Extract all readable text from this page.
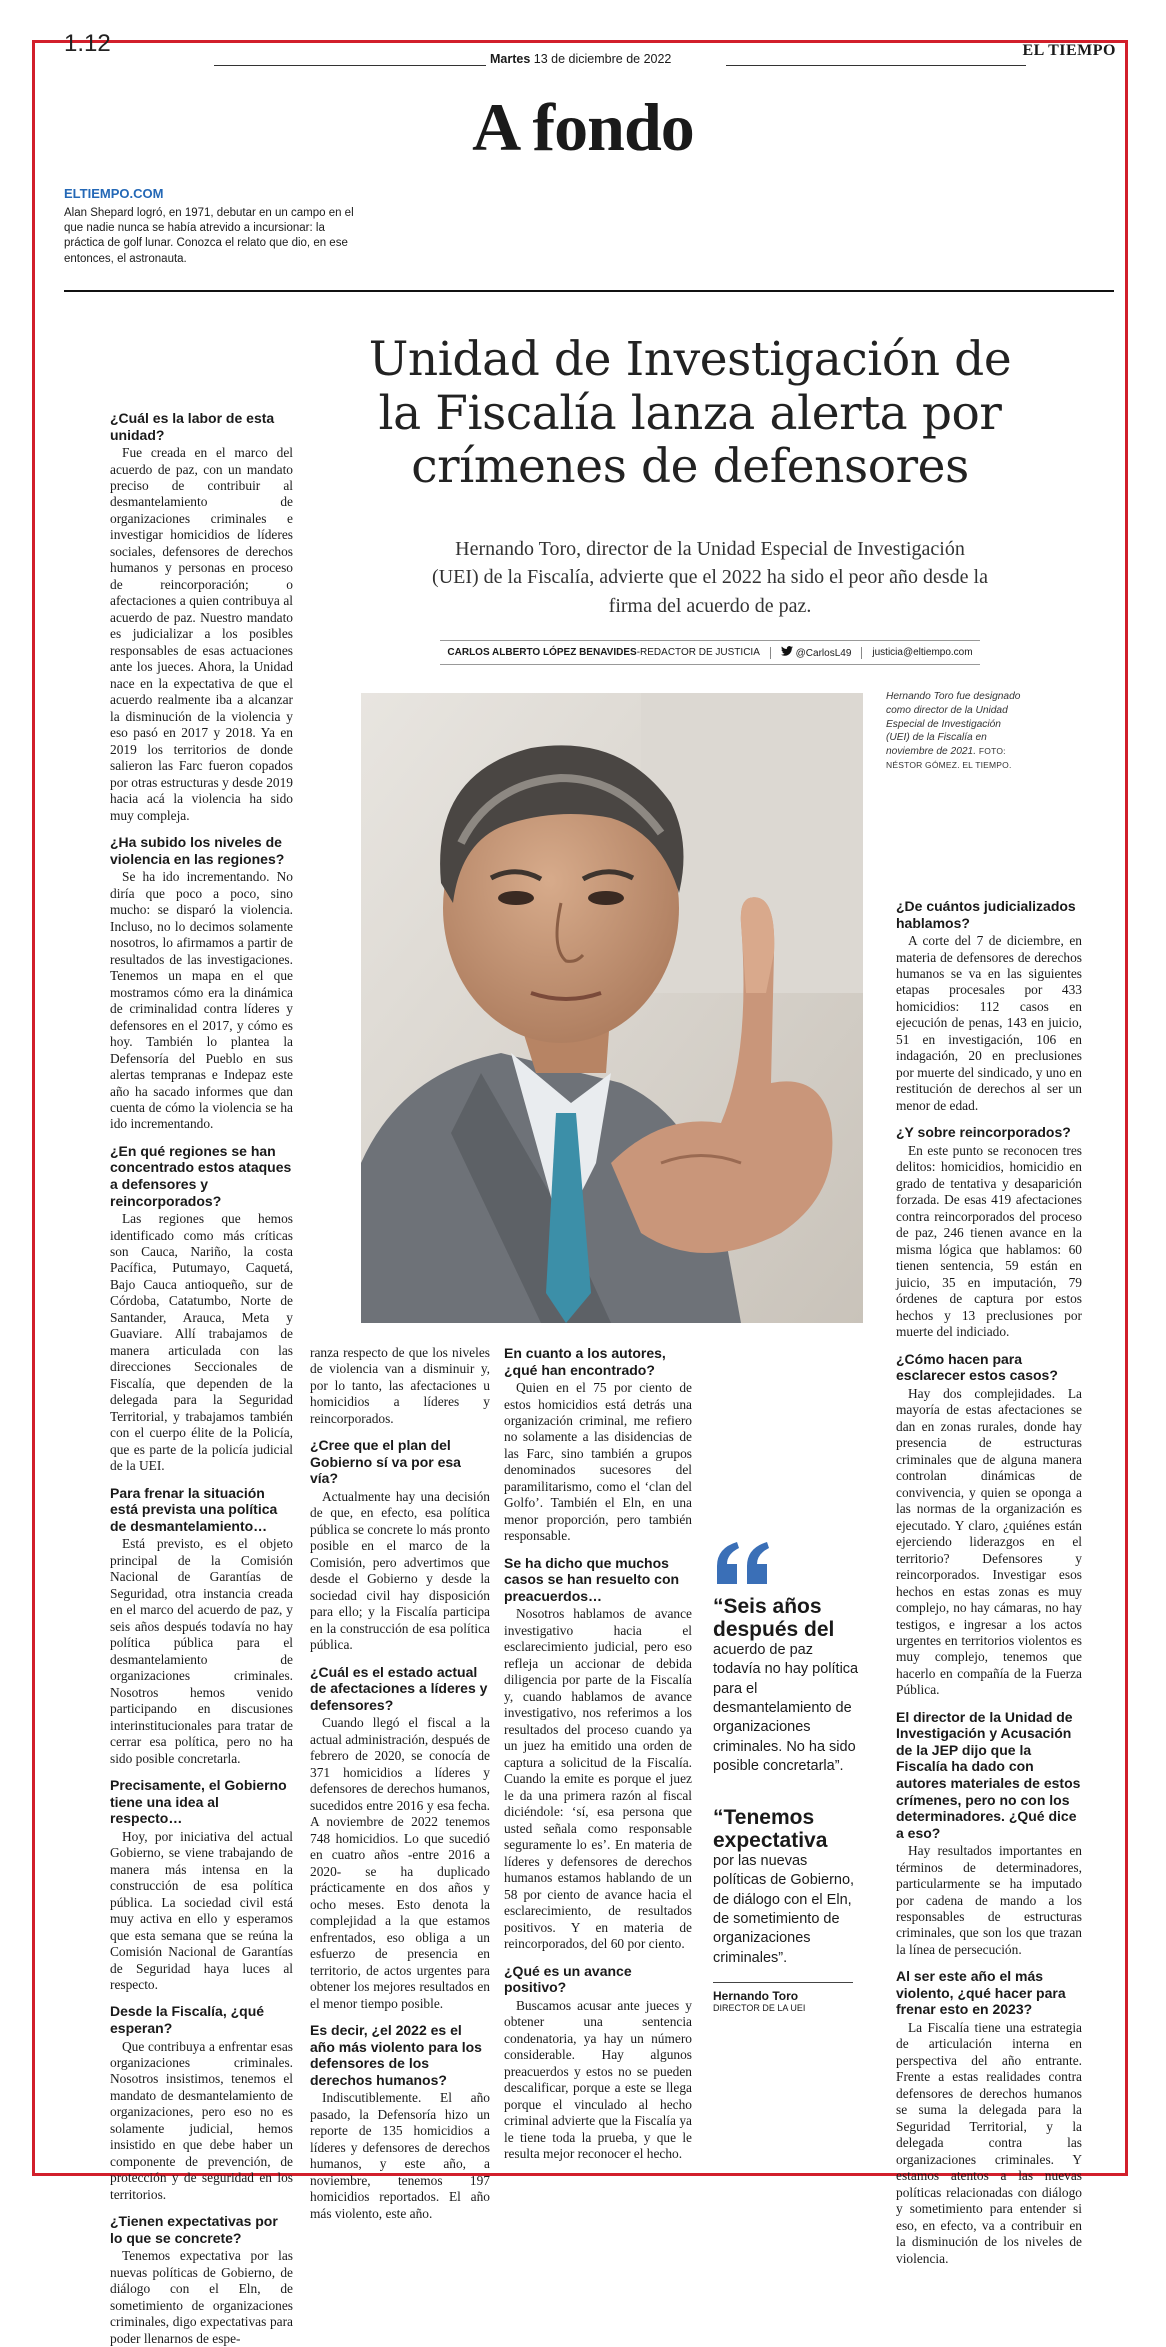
1.12
Martes 13 de diciembre de 2022	EL TIEMPO
A fondo
ELTIEMPO.COM
Alan Shepard logró, en 1971, debutar en un campo en el que nadie nunca se había atrevido a incursionar: la práctica de golf lunar. Conozca el relato que dio, en ese entonces, el astronauta.
Unidad de Investigación de la Fiscalía lanza alerta por crímenes de defensores
Hernando Toro, director de la Unidad Especial de Investigación (UEI) de la Fiscalía, advierte que el 2022 ha sido el peor año desde la firma del acuerdo de paz.
CARLOS ALBERTO LÓPEZ BENAVIDES-REDACTOR DE JUSTICIA	@CarlosL49 justicia@eltiempo.com
Hernando Toro fue designado como director de la Unidad Especial de Investigación (UEI) de la Fiscalía en noviembre de 2021. FOTO: NÉSTOR GÓMEZ. EL TIEMPO.
¿Cuál es la labor de esta unidad?

Fue creada en el marco del acuerdo de paz, con un mandato preciso de contribuir al desmantelamiento de organizaciones criminales e investigar homicidios de líderes sociales, defensores de derechos humanos y personas en proceso de reincorporación; o afectaciones a quien contribuya al acuerdo de paz. Nuestro mandato es judicializar a los posibles responsables de esas actuaciones ante los jueces. Ahora, la Unidad nace en la expectativa de que el acuerdo realmente iba a alcanzar la disminución de la violencia y eso pasó en 2017 y 2018. Ya en 2019 los territorios de donde salieron las Farc fueron copados por otras estructuras y desde 2019 hacia acá la violencia ha sido muy compleja.

¿Ha subido los niveles de violencia en las regiones?

Se ha ido incrementando. No diría que poco a poco, sino mucho: se disparó la violencia. Incluso, no lo decimos solamente nosotros, lo afirmamos a partir de resultados de las investigaciones. Tenemos un mapa en el que mostramos cómo era la dinámica de criminalidad contra líderes y defensores en el 2017, y cómo es hoy. También lo plantea la Defensoría del Pueblo en sus alertas tempranas e Indepaz este año ha sacado informes que dan cuenta de cómo la violencia se ha ido incrementando.

¿En qué regiones se han concentrado estos ataques a defensores y reincorporados?

Las regiones que hemos identificado como más críticas son Cauca, Nariño, la costa Pacífica, Putumayo, Caquetá, Bajo Cauca antioqueño, sur de Córdoba, Catatumbo, Norte de Santander, Arauca, Meta y Guaviare. Allí trabajamos de manera articulada con las direcciones Seccionales de Fiscalía, que dependen de la delegada para la Seguridad Territorial, y trabajamos también con el cuerpo élite de la Policía, que es parte de la policía judicial de la UEI.

Para frenar la situación está prevista una política de desmantelamiento…

Está previsto, es el objeto principal de la Comisión Nacional de Garantías de Seguridad, otra instancia creada en el marco del acuerdo de paz, y seis años después todavía no hay política pública para el desmantelamiento de organizaciones criminales. Nosotros hemos venido participando en discusiones interinstitucionales para tratar de cerrar esa política, pero no ha sido posible concretarla.

Precisamente, el Gobierno tiene una idea al respecto…

Hoy, por iniciativa del actual Gobierno, se viene trabajando de manera más intensa en la construcción de esa política pública. La sociedad civil está muy activa en ello y esperamos que esta semana que se reúna la Comisión Nacional de Garantías de Seguridad haya luces al respecto.

Desde la Fiscalía, ¿qué esperan?

Que contribuya a enfrentar esas organizaciones criminales. Nosotros insistimos, tenemos el mandato de desmantelamiento de organizaciones, pero eso no es solamente judicial, hemos insistido en que debe haber un componente de prevención, de protección y de seguridad en los territorios.

¿Tienen expectativas por lo que se concrete?

Tenemos expectativa por las nuevas políticas de Gobierno, de diálogo con el Eln, de sometimiento de organizaciones criminales, digo expectativas para poder llenarnos de espe-

ranza respecto de que los niveles de violencia van a disminuir y, por lo tanto, las afectaciones u homicidios a líderes y reincorporados.

¿Cree que el plan del Gobierno sí va por esa vía?

Actualmente hay una decisión de que, en efecto, esa política pública se concrete lo más pronto posible en el marco de la Comisión, pero advertimos que desde el Gobierno y desde la sociedad civil hay disposición para ello; y la Fiscalía participa en la construcción de esa política pública.

¿Cuál es el estado actual de afectaciones a líderes y defensores?

Cuando llegó el fiscal a la actual administración, después de febrero de 2020, se conocía de 371 homicidios a líderes y defensores de derechos humanos, sucedidos entre 2016 y esa fecha. A noviembre de 2022 tenemos 748 homicidios. Lo que sucedió en cuatro años -entre 2016 a 2020- se ha duplicado prácticamente en dos años y ocho meses. Esto denota la complejidad a la que estamos enfrentados, eso obliga a un esfuerzo de presencia en territorio, de actos urgentes para obtener los mejores resultados en el menor tiempo posible.

Es decir, ¿el 2022 es el año más violento para los defensores de los derechos humanos?

Indiscutiblemente. El año pasado, la Defensoría hizo un reporte de 135 homicidios a líderes y defensores de derechos humanos, y este año, a noviembre, tenemos 197 homicidios reportados. El año más violento, este año.

En cuanto a los autores, ¿qué han encontrado?

Quien en el 75 por ciento de estos homicidios está detrás una organización criminal, me refiero no solamente a las disidencias de las Farc, sino también a grupos denominados sucesores del paramilitarismo, como el ‘clan del Golfo’. También el Eln, en una menor proporción, pero también responsable.

Se ha dicho que muchos casos se han resuelto con preacuerdos…

Nosotros hablamos de avance investigativo hacia el esclarecimiento judicial, pero eso refleja un accionar de debida diligencia por parte de la Fiscalía y, cuando hablamos de avance investigativo, nos referimos a los resultados del proceso cuando ya un juez ha emitido una orden de captura a solicitud de la Fiscalía. Cuando la emite es porque el juez le da una primera razón al fiscal diciéndole: ‘sí, esa persona que usted señala como responsable seguramente lo es’. En materia de líderes y defensores de derechos humanos estamos hablando de un 58 por ciento de avance hacia el esclarecimiento, de resultados positivos. Y en materia de reincorporados, del 60 por ciento.

¿Qué es un avance positivo?

Buscamos acusar ante jueces y obtener una sentencia condenatoria, ya hay un número considerable. Hay algunos preacuerdos y estos no se pueden descalificar, porque a este se llega porque el vinculado al hecho criminal advierte que la Fiscalía ya le tiene toda la prueba, y que le resulta mejor reconocer el hecho.

¿De cuántos judicializados hablamos?

A corte del 7 de diciembre, en materia de defensores de derechos humanos se va en las siguientes etapas procesales por 433 homicidios: 112 casos en ejecución de penas, 143 en juicio, 51 en investigación, 106 en indagación, 20 en preclusiones por muerte del sindicado, y uno en restitución de derechos al ser un menor de edad.

¿Y sobre reincorporados?

En este punto se reconocen tres delitos: homicidios, homicidio en grado de tentativa y desaparición forzada. De esas 419 afectaciones contra reincorporados del proceso de paz, 246 tienen avance en la misma lógica que hablamos: 60 tienen sentencia, 59 están en juicio, 35 en imputación, 79 órdenes de captura por estos hechos y 13 preclusiones por muerte del indiciado.

¿Cómo hacen para esclarecer estos casos?

Hay dos complejidades. La mayoría de estas afectaciones se dan en zonas rurales, donde hay presencia de estructuras criminales que de alguna manera controlan dinámicas de convivencia, y quien se oponga a las normas de la organización es ejecutado. Y claro, ¿quiénes están ejerciendo liderazgos en el territorio? Defensores y reincorporados. Investigar esos hechos en estas zonas es muy complejo, no hay cámaras, no hay testigos, e ingresar a los actos urgentes en territorios violentos es muy complejo, tenemos que hacerlo en compañía de la Fuerza Pública.

El director de la Unidad de Investigación y Acusación de la JEP dijo que la Fiscalía ha dado con autores materiales de estos crímenes, pero no con los determinadores. ¿Qué dice a eso?

Hay resultados importantes en términos de determinadores, particularmente se ha imputado por cadena de mando a los responsables de estructuras criminales, que son los que trazan la línea de persecución.

Al ser este año el más violento, ¿qué hacer para frenar esto en 2023?

La Fiscalía tiene una estrategia de articulación interna en perspectiva del año entrante. Frente a estas realidades contra defensores de derechos humanos se suma la delegada para la Seguridad Territorial, y la delegada contra las organizaciones criminales. Y estamos atentos a las nuevas políticas relacionadas con diálogo y sometimiento para entender si eso, en efecto, va a contribuir en la disminución de los niveles de violencia.

“Seis años después del
acuerdo de paz todavía no hay política para el desmantelamiento de organizaciones criminales. No ha sido posible concretarla”.
“Tenemos expectativa
por las nuevas políticas de Gobierno, de diálogo con el Eln, de sometimiento de organizaciones criminales”.
Hernando Toro
DIRECTOR DE LA UEI
